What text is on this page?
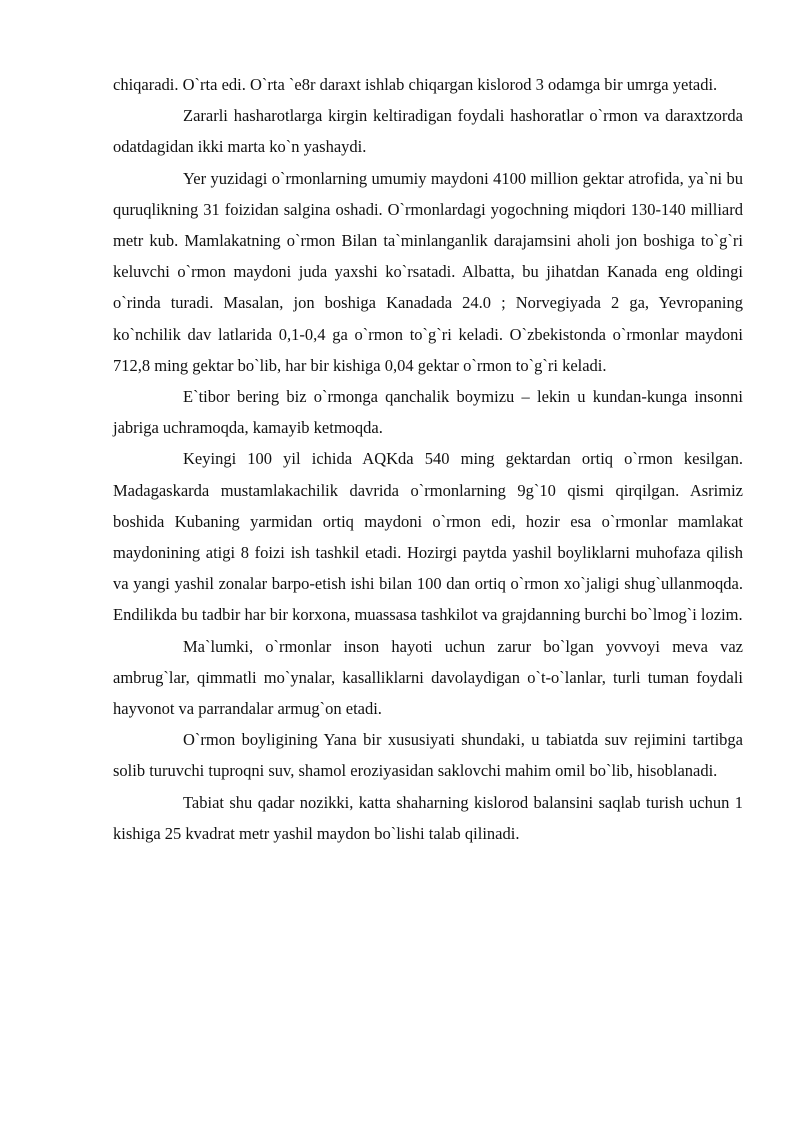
chiqaradi. O`rta edi. O`rta `e8r daraxt ishlab chiqargan kislorod 3 odamga bir umrga yetadi.

Zararli hasharotlarga kirgin keltiradigan foydali hashoratlar o`rmon va daraxtzorda odatdagidan ikki marta ko`n yashaydi.

Yer yuzidagi o`rmonlarning umumiy maydoni 4100 million gektar atrofida, ya`ni bu quruqlikning 31 foizidan salgina oshadi. O`rmonlardagi yogochning miqdori 130-140 milliard metr kub. Mamlakatning o`rmon Bilan ta`minlanganlik darajamsini aholi jon boshiga to`g`ri keluvchi o`rmon maydoni juda yaxshi ko`rsatadi. Albatta, bu jihatdan Kanada eng oldingi o`rinda turadi. Masalan, jon boshiga Kanadada 24.0 ; Norvegiyada 2 ga, Yevropaning ko`nchilik dav latlarida 0,1-0,4 ga o`rmon to`g`ri keladi. O`zbekistonda o`rmonlar maydoni 712,8 ming gektar bo`lib, har bir kishiga 0,04 gektar o`rmon to`g`ri keladi.

E`tibor bering biz o`rmonga qanchalik boymizu – lekin u kundan-kunga insonni jabriga uchramoqda, kamayib ketmoqda.

Keyingi 100 yil ichida AQKda 540 ming gektardan ortiq o`rmon kesilgan. Madagaskarda mustamlakachilik davrida o`rmonlarning 9g`10 qismi qirqilgan. Asrimiz boshida Kubaning yarmidan ortiq maydoni o`rmon edi, hozir esa o`rmonlar mamlakat maydonining atigi 8 foizi ish tashkil etadi. Hozirgi paytda yashil boyliklarni muhofaza qilish va yangi yashil zonalar barpo-etish ishi bilan 100 dan ortiq o`rmon xo`jaligi shug`ullanmoqda. Endilikda bu tadbir har bir korxona, muassasa tashkilot va grajdanning burchi bo`lmog`i lozim.

Ma`lumki, o`rmonlar inson hayoti uchun zarur bo`lgan yovvoyi meva vaz ambrug`lar, qimmatli mo`ynalar, kasalliklarni davolaydigan o`t-o`lanlar, turli tuman foydali hayvonot va parrandalar armug`on etadi.

O`rmon boyligining Yana bir xususiyati shundaki, u tabiatda suv rejimini tartibga solib turuvchi tuproqni suv, shamol eroziyasidan saklovchi mahim omil bo`lib, hisoblanadi.

Tabiat shu qadar nozikki, katta shaharning kislorod balansini saqlab turish uchun 1 kishiga 25 kvadrat metr yashil maydon bo`lishi talab qilinadi.
